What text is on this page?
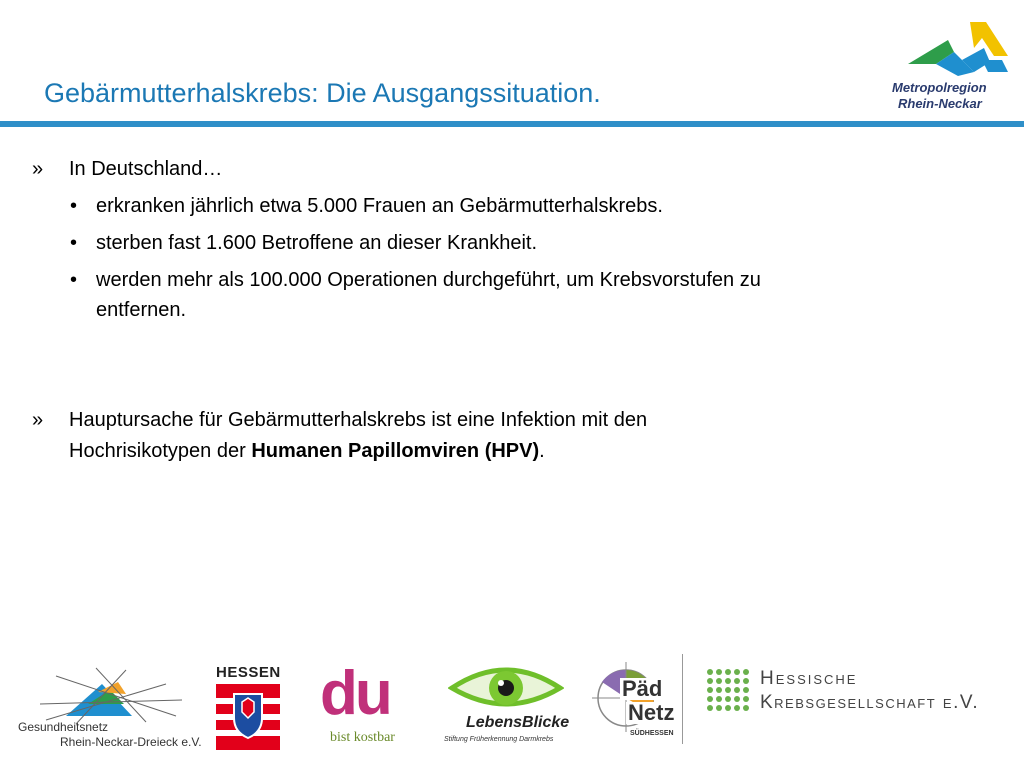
Gebärmutterhalskrebs: Die Ausgangssituation.	Metropolregion
Rhein-Neckar
» In Deutschland…
• erkranken jährlich etwa 5.000 Frauen an Gebärmutterhalskrebs.
• sterben fast 1.600 Betroffene an dieser Krankheit.
• werden mehr als 100.000 Operationen durchgeführt, um Krebsvorstufen zu
entfernen.
» Hauptursache für Gebärmutterhalskrebs ist eine Infektion mit den
Hochrisikotypen der Humanen Papillomviren (HPV).
Gesundheitsnetz
Rhein-Neckar-Dreieck e.V.
HESSEN du
bist kostbar
LebensBlicke
Stiftung Früherkennung Darmkrebs
Päd
Netz
SÜDHESSEN
Hessische
Krebsgesellschaft e.V.
